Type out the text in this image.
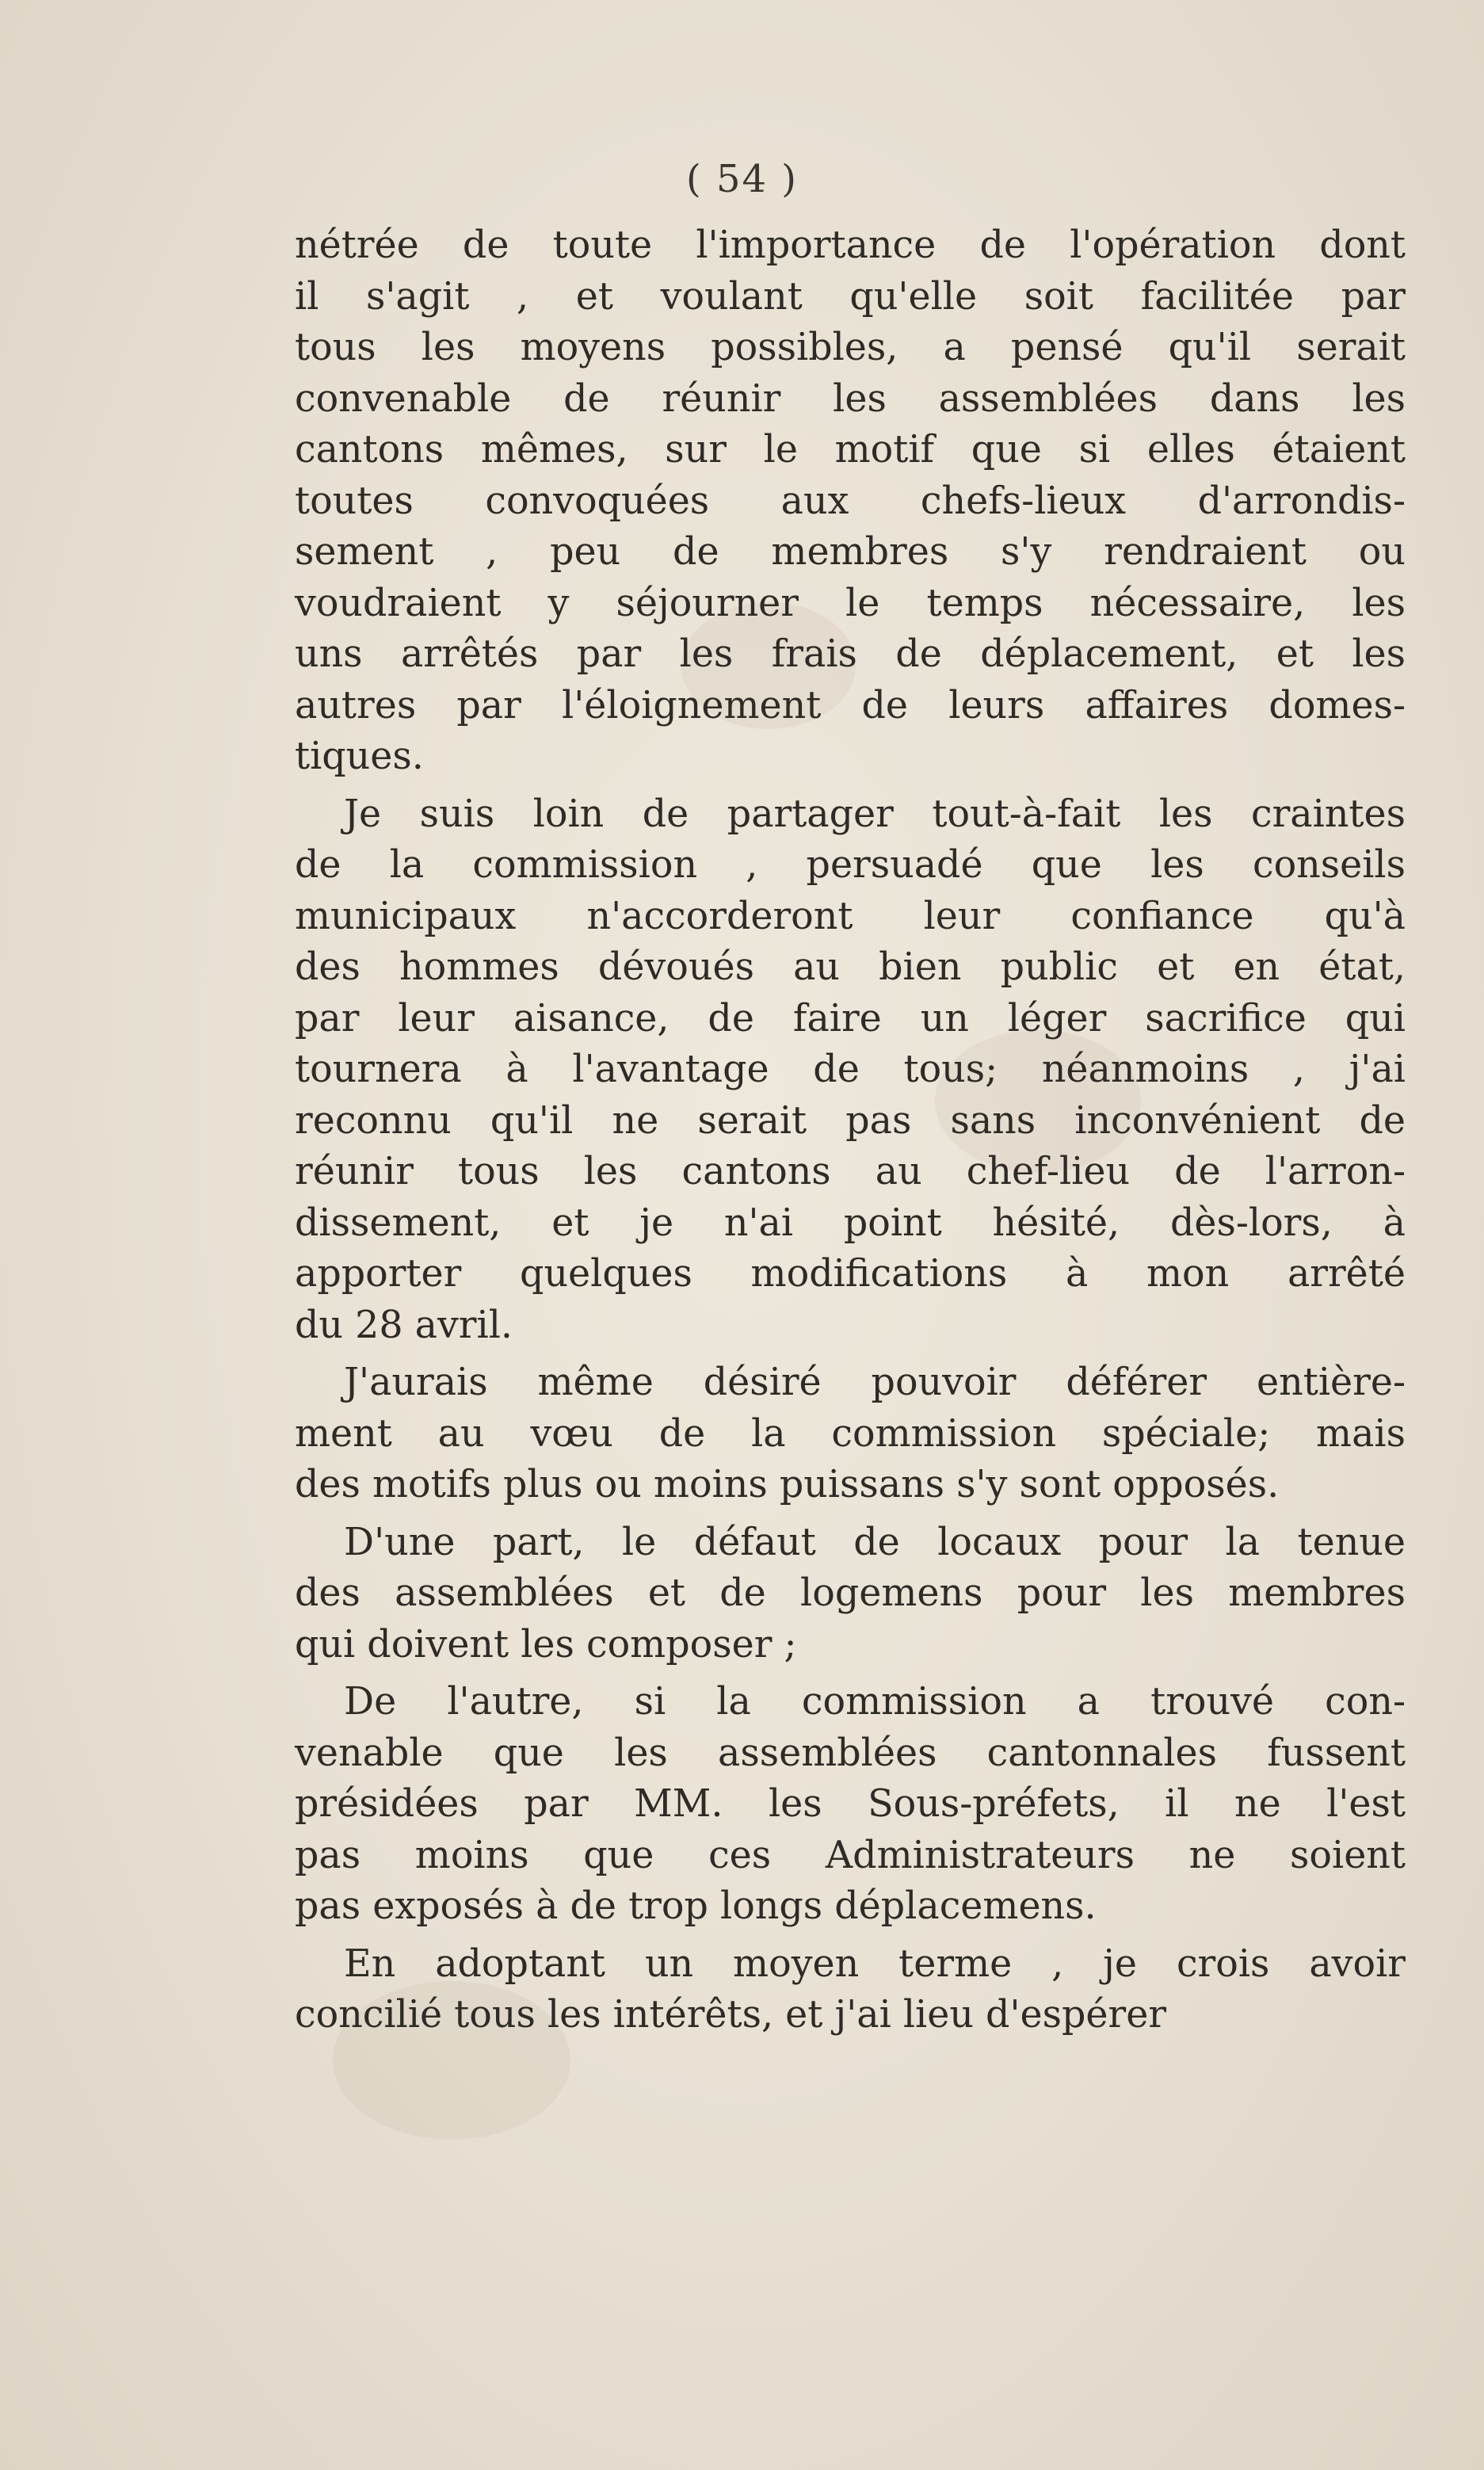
( 54 )
nétrée de toute l'importance de l'opération dont
il s'agit , et voulant qu'elle soit facilitée par
tous les moyens possibles, a pensé qu'il serait
convenable de réunir les assemblées dans les
cantons mêmes, sur le motif que si elles étaient
toutes convoquées aux chefs-lieux d'arrondis-
sement , peu de membres s'y rendraient ou
voudraient y séjourner le temps nécessaire, les
uns arrêtés par les frais de déplacement, et les
autres par l'éloignement de leurs affaires domes-
tiques.
Je suis loin de partager tout-à-fait les craintes
de la commission , persuadé que les conseils
municipaux n'accorderont leur confiance qu'à
des hommes dévoués au bien public et en état,
par leur aisance, de faire un léger sacrifice qui
tournera à l'avantage de tous; néanmoins , j'ai
reconnu qu'il ne serait pas sans inconvénient de
réunir tous les cantons au chef-lieu de l'arron-
dissement, et je n'ai point hésité, dès-lors, à
apporter quelques modifications à mon arrêté
du 28 avril.
J'aurais même désiré pouvoir déférer entière-
ment au vœu de la commission spéciale; mais
des motifs plus ou moins puissans s'y sont opposés.
D'une part, le défaut de locaux pour la tenue
des assemblées et de logemens pour les membres
qui doivent les composer ;
De l'autre, si la commission a trouvé con-
venable que les assemblées cantonnales fussent
présidées par MM. les Sous-préfets, il ne l'est
pas moins que ces Administrateurs ne soient
pas exposés à de trop longs déplacemens.
En adoptant un moyen terme , je crois avoir
concilié tous les intérêts, et j'ai lieu d'espérer
